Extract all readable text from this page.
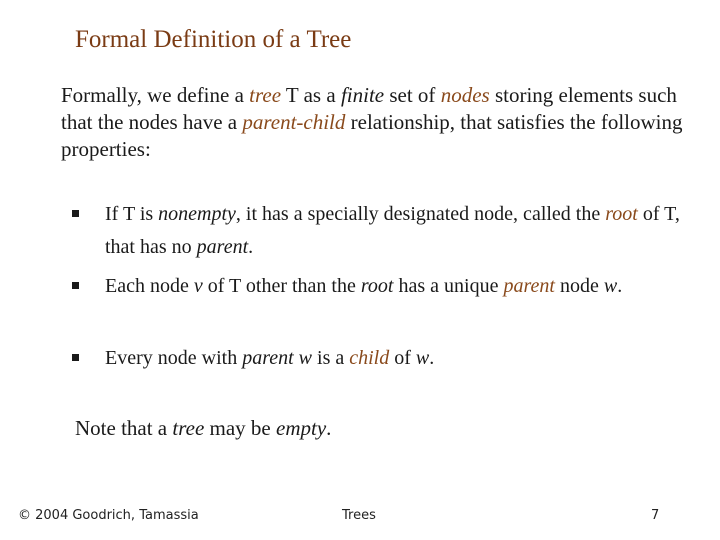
Formal Definition of a Tree
Formally, we define a tree T as a finite set of nodes storing elements such that the nodes have a parent-child relationship, that satisfies the following properties:
If T is nonempty, it has a specially designated node, called the root of T, that has no parent.
Each node v of T other than the root has a unique parent node w.
Every node with parent w is a child of w.
Note that a tree may be empty.
© 2004 Goodrich, Tamassia	Trees	7
